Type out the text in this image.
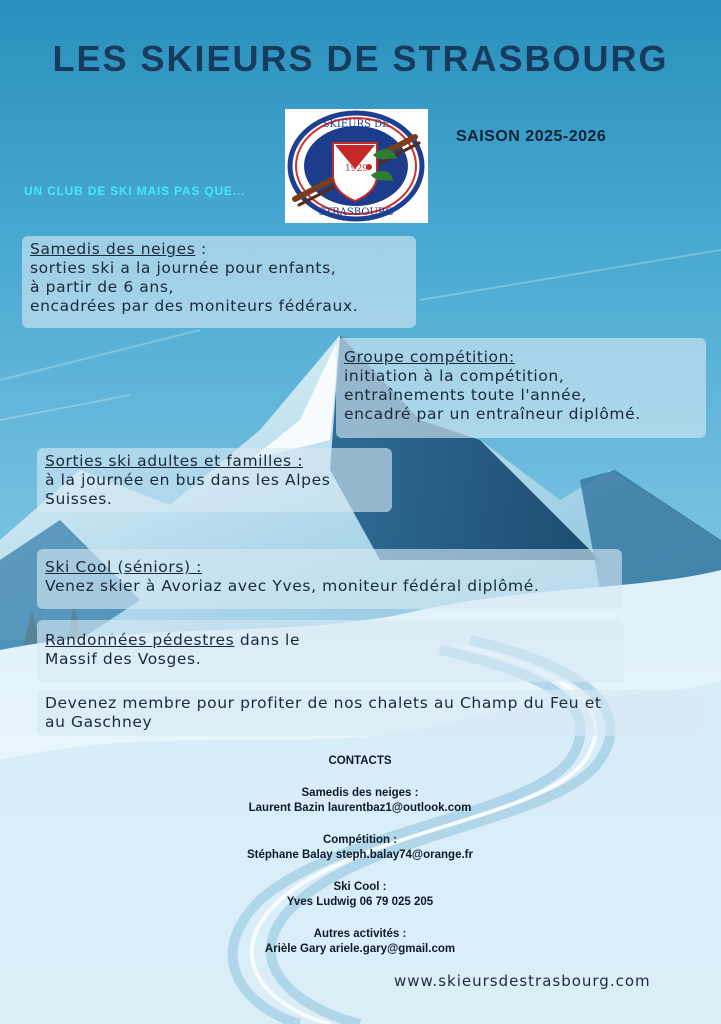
LES SKIEURS DE STRASBOURG
1929
SKIEURS DE
STRASBOURG
SAISON 2025-2026
UN CLUB DE SKI MAIS PAS QUE...
Samedis des neiges :
sorties ski a la journée pour enfants,
à partir de 6 ans,
encadrées par des moniteurs fédéraux.
Groupe compétition:
initiation à la compétition,
entraînements toute l'année,
encadré par un entraîneur diplômé.
Sorties ski adultes et familles :
à la journée en bus dans les Alpes
Suisses.
Ski Cool (séniors) :
Venez skier à Avoriaz avec Yves, moniteur fédéral diplômé.
Randonnées pédestres dans le
Massif des Vosges.
Devenez membre pour profiter de nos chalets au Champ du Feu et
au Gaschney
CONTACTS
Samedis des neiges :
Laurent Bazin laurentbaz1@outlook.com
Compétition :
Stéphane Balay steph.balay74@orange.fr
Ski Cool :
Yves Ludwig 06 79 025 205
Autres activités :
Arièle Gary ariele.gary@gmail.com
www.skieursdestrasbourg.com
